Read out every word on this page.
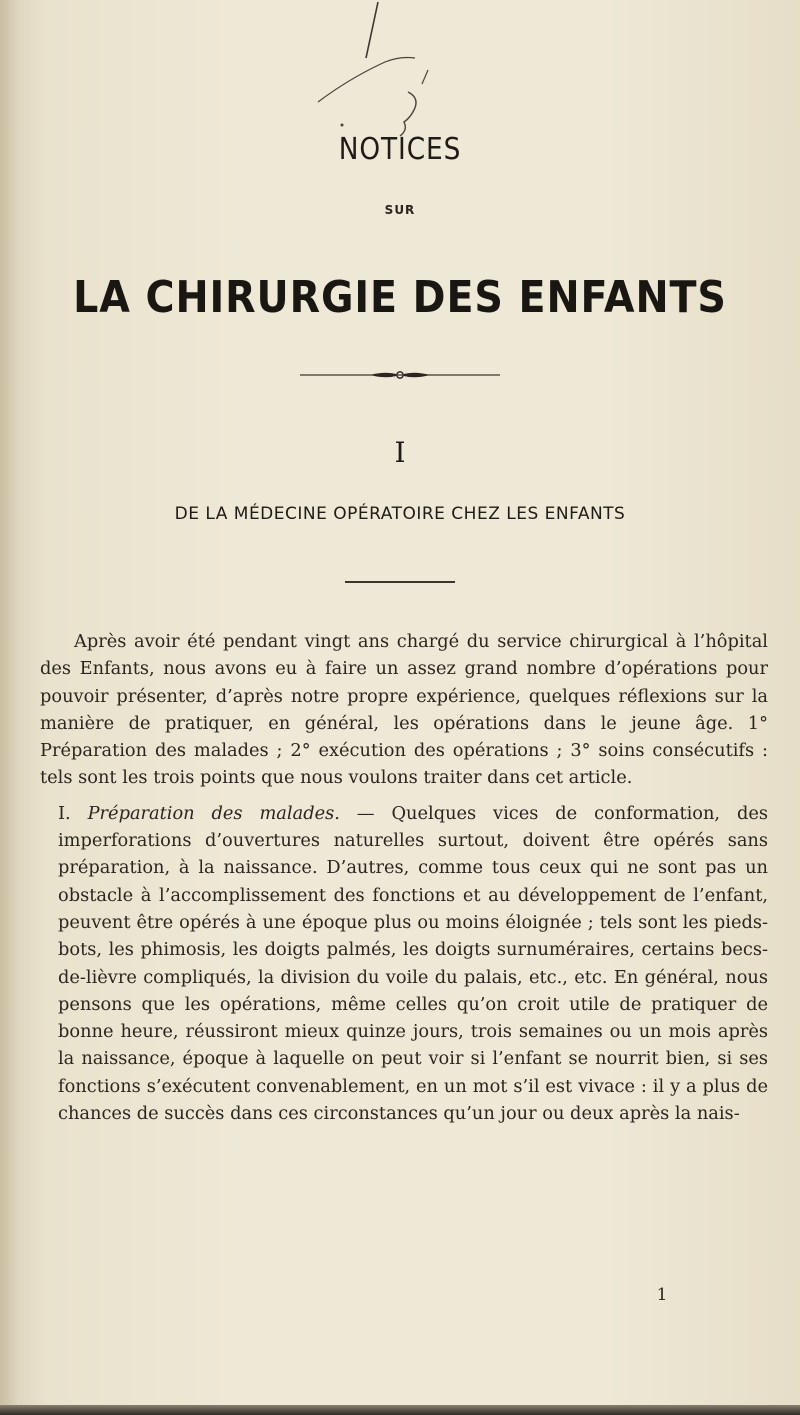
NOTICES
SUR
LA CHIRURGIE DES ENFANTS
I
DE LA MÉDECINE OPÉRATOIRE CHEZ LES ENFANTS

Après avoir été pendant vingt ans chargé du service chirurgical à l’hôpital des Enfants, nous avons eu à faire un assez grand nombre d’opérations pour pouvoir présenter, d’après notre propre expérience, quelques réflexions sur la manière de pratiquer, en général, les opérations dans le jeune âge. 1° Préparation des malades ; 2° exécution des opérations ; 3° soins consécutifs : tels sont les trois points que nous voulons traiter dans cet article.

I. Préparation des malades. — Quelques vices de conformation, des imperforations d’ouvertures naturelles surtout, doivent être opérés sans préparation, à la naissance. D’autres, comme tous ceux qui ne sont pas un obstacle à l’accomplissement des fonctions et au développement de l’enfant, peuvent être opérés à une époque plus ou moins éloignée ; tels sont les pieds-bots, les phimosis, les doigts palmés, les doigts surnuméraires, certains becs-de-lièvre compliqués, la division du voile du palais, etc., etc. En général, nous pensons que les opérations, même celles qu’on croit utile de pratiquer de bonne heure, réussiront mieux quinze jours, trois semaines ou un mois après la naissance, époque à laquelle on peut voir si l’enfant se nourrit bien, si ses fonctions s’exécutent convenablement, en un mot s’il est vivace : il y a plus de chances de succès dans ces circonstances qu’un jour ou deux après la nais-

1
